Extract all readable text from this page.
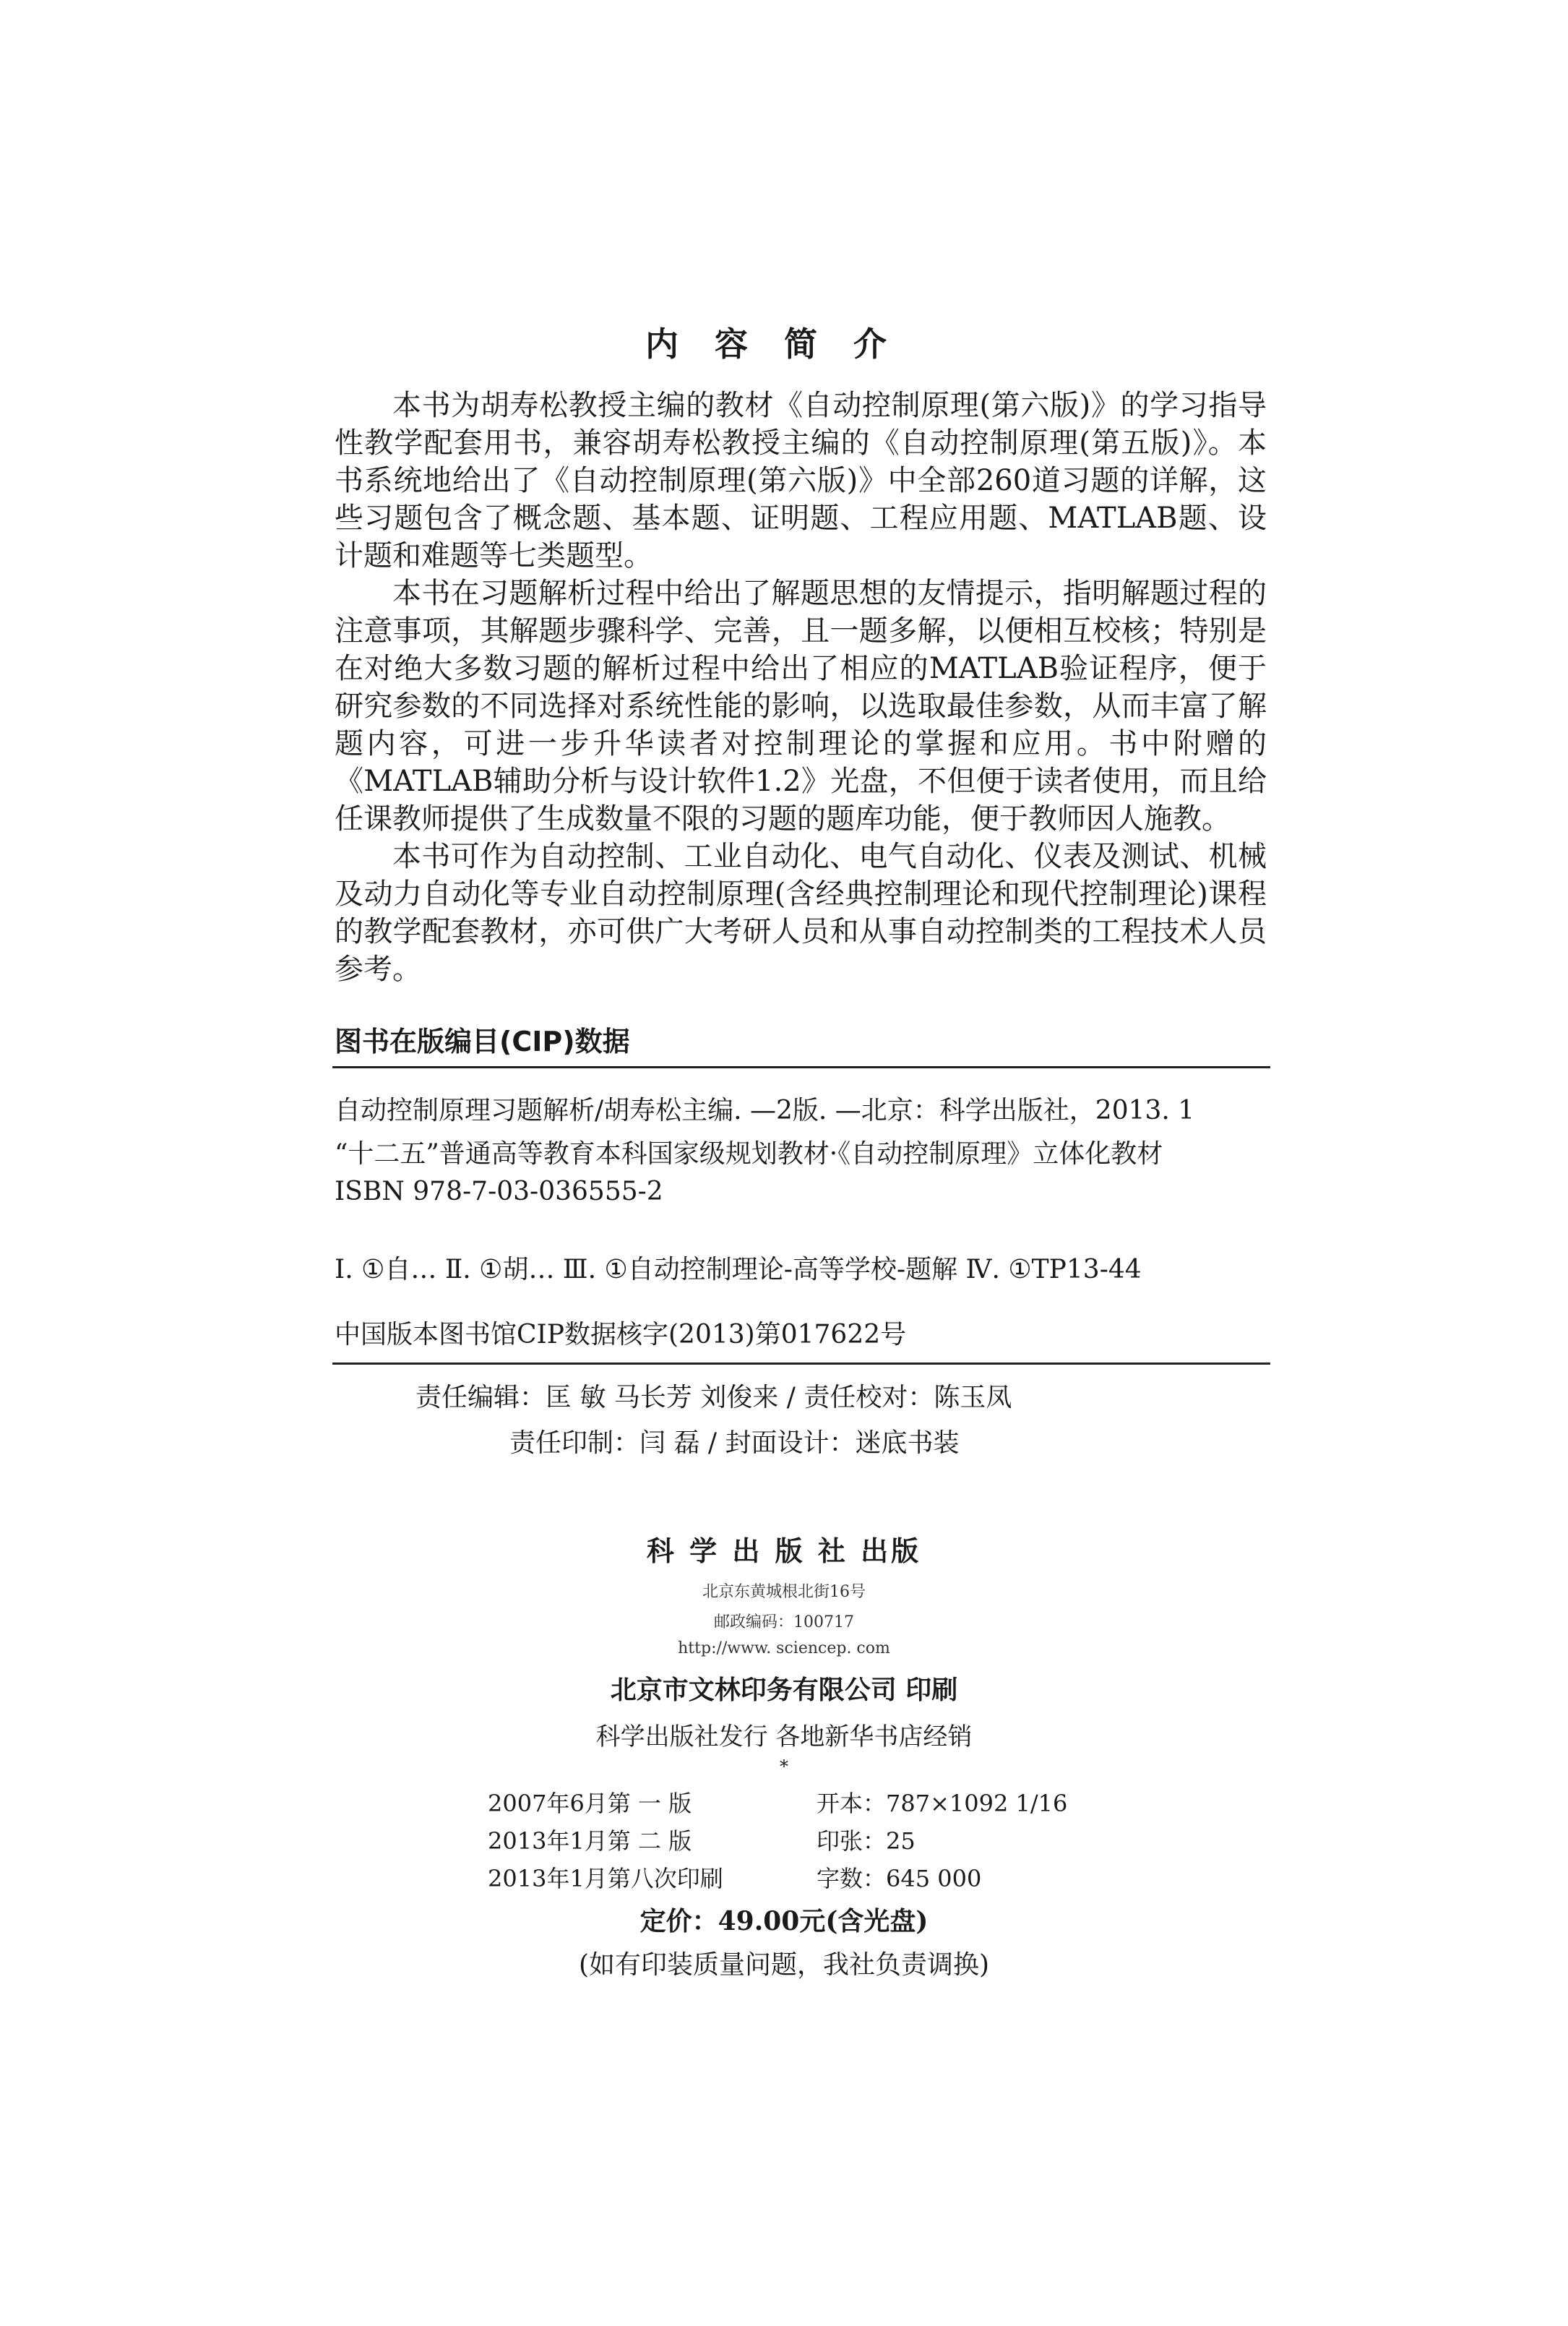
内容简介

本书为胡寿松教授主编的教材《自动控制原理(第六版)》的学习指导性教学配套用书，兼容胡寿松教授主编的《自动控制原理(第五版)》。本书系统地给出了《自动控制原理(第六版)》中全部260道习题的详解，这些习题包含了概念题、基本题、证明题、工程应用题、MATLAB题、设计题和难题等七类题型。

本书在习题解析过程中给出了解题思想的友情提示，指明解题过程的注意事项，其解题步骤科学、完善，且一题多解，以便相互校核；特别是在对绝大多数习题的解析过程中给出了相应的MATLAB验证程序，便于研究参数的不同选择对系统性能的影响，以选取最佳参数，从而丰富了解题内容，可进一步升华读者对控制理论的掌握和应用。书中附赠的《MATLAB辅助分析与设计软件1.2》光盘，不但便于读者使用，而且给任课教师提供了生成数量不限的习题的题库功能，便于教师因人施教。

本书可作为自动控制、工业自动化、电气自动化、仪表及测试、机械及动力自动化等专业自动控制原理(含经典控制理论和现代控制理论)课程的教学配套教材，亦可供广大考研人员和从事自动控制类的工程技术人员参考。

图书在版编目(CIP)数据
自动控制原理习题解析/胡寿松主编. —2版. —北京：科学出版社，2013. 1
“十二五”普通高等教育本科国家级规划教材·《自动控制原理》立体化教材
ISBN 978-7-03-036555-2
Ⅰ. ①自… Ⅱ. ①胡… Ⅲ. ①自动控制理论-高等学校-题解 Ⅳ. ①TP13-44
中国版本图书馆CIP数据核字(2013)第017622号
责任编辑：匡 敏 马长芳 刘俊来 / 责任校对：陈玉凤
责任印制：闫 磊 / 封面设计：迷底书装
科 学 出 版 社 出版
北京东黄城根北街16号
邮政编码：100717
http://www. sciencep. com
北京市文林印务有限公司 印刷
科学出版社发行 各地新华书店经销
*
2007年6月第 一 版	开本：787×1092 1/16
2013年1月第 二 版	印张：25
2013年1月第八次印刷	字数：645 000
定价：49.00元(含光盘)
(如有印装质量问题，我社负责调换)
